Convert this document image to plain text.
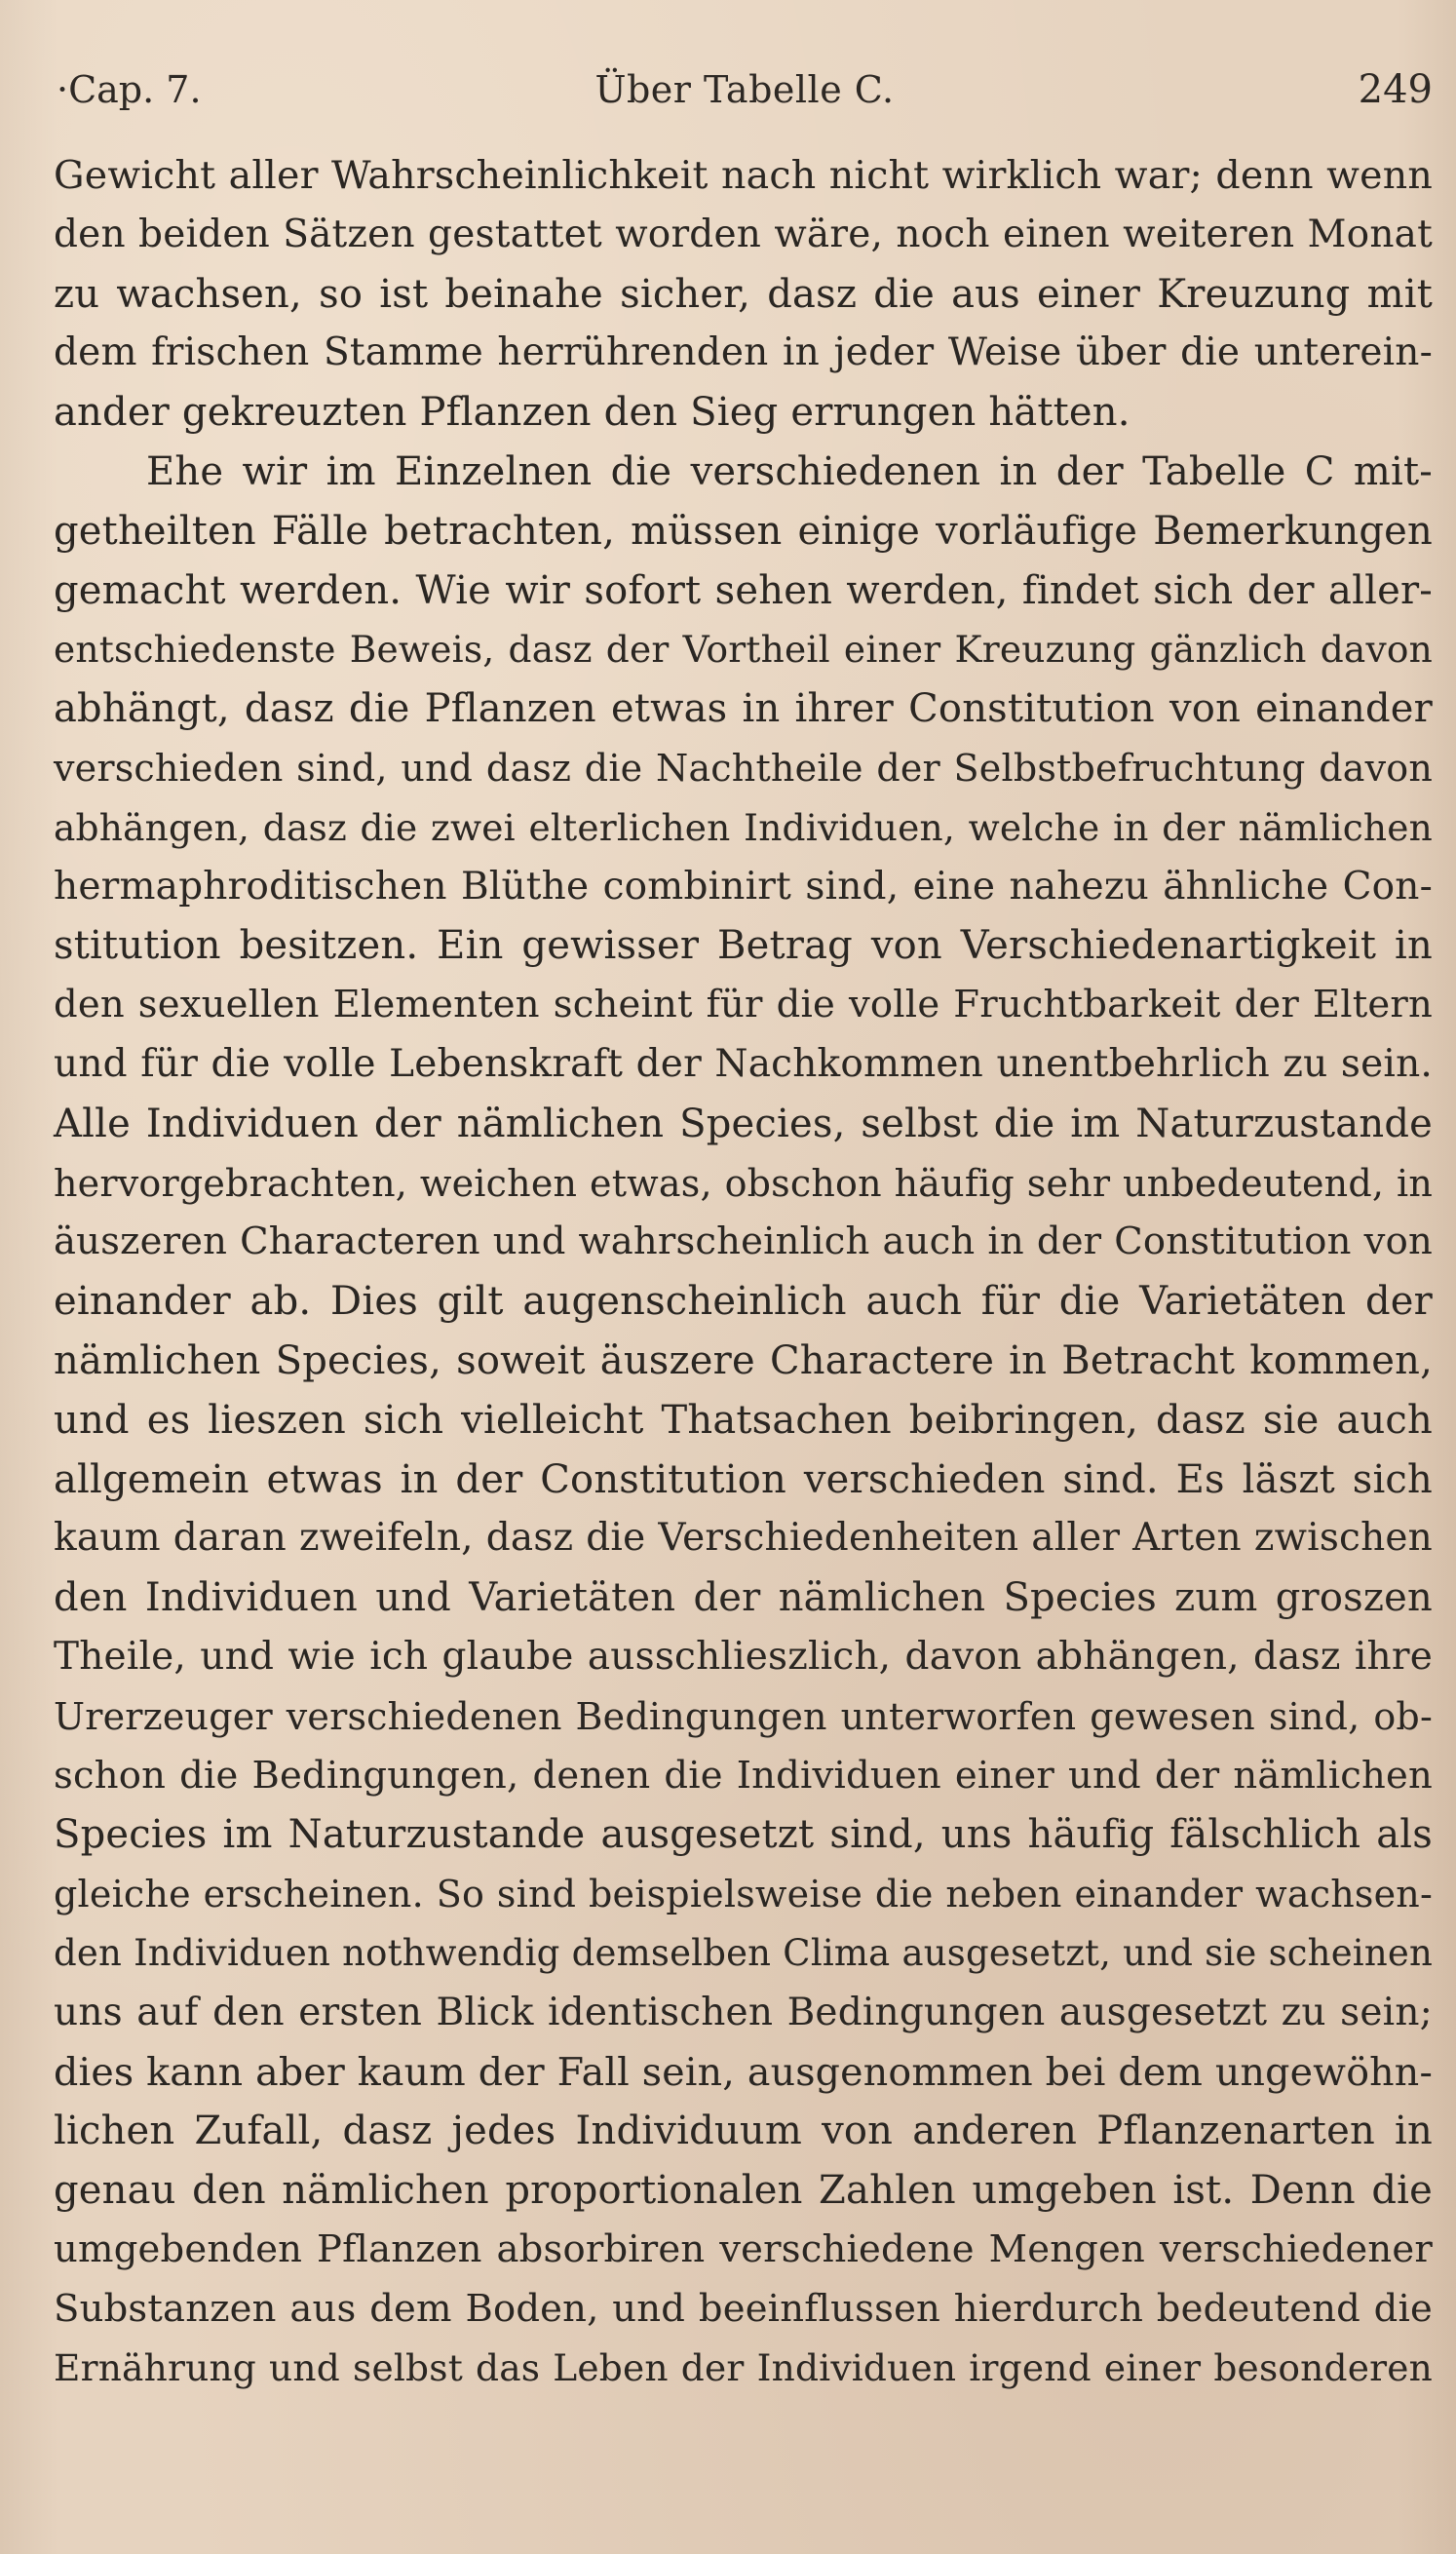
·Cap. 7.	Über Tabelle C.	249
Gewicht aller Wahrscheinlichkeit nach nicht wirklich war; denn wenn
den beiden Sätzen gestattet worden wäre, noch einen weiteren Monat
zu wachsen, so ist beinahe sicher, dasz die aus einer Kreuzung mit
dem frischen Stamme herrührenden in jeder Weise über die unterein-
ander gekreuzten Pflanzen den Sieg errungen hätten.
Ehe wir im Einzelnen die verschiedenen in der Tabelle C mit-
getheilten Fälle betrachten, müssen einige vorläufige Bemerkungen
gemacht werden. Wie wir sofort sehen werden, findet sich der aller-
entschiedenste Beweis, dasz der Vortheil einer Kreuzung gänzlich davon
abhängt, dasz die Pflanzen etwas in ihrer Constitution von einander
verschieden sind, und dasz die Nachtheile der Selbstbefruchtung davon
abhängen, dasz die zwei elterlichen Individuen, welche in der nämlichen
hermaphroditischen Blüthe combinirt sind, eine nahezu ähnliche Con-
stitution besitzen. Ein gewisser Betrag von Verschiedenartigkeit in
den sexuellen Elementen scheint für die volle Fruchtbarkeit der Eltern
und für die volle Lebenskraft der Nachkommen unentbehrlich zu sein.
Alle Individuen der nämlichen Species, selbst die im Naturzustande
hervorgebrachten, weichen etwas, obschon häufig sehr unbedeutend, in
äuszeren Characteren und wahrscheinlich auch in der Constitution von
einander ab. Dies gilt augenscheinlich auch für die Varietäten der
nämlichen Species, soweit äuszere Charactere in Betracht kommen,
und es lieszen sich vielleicht Thatsachen beibringen, dasz sie auch
allgemein etwas in der Constitution verschieden sind. Es läszt sich
kaum daran zweifeln, dasz die Verschiedenheiten aller Arten zwischen
den Individuen und Varietäten der nämlichen Species zum groszen
Theile, und wie ich glaube ausschlieszlich, davon abhängen, dasz ihre
Urerzeuger verschiedenen Bedingungen unterworfen gewesen sind, ob-
schon die Bedingungen, denen die Individuen einer und der nämlichen
Species im Naturzustande ausgesetzt sind, uns häufig fälschlich als
gleiche erscheinen. So sind beispielsweise die neben einander wachsen-
den Individuen nothwendig demselben Clima ausgesetzt, und sie scheinen
uns auf den ersten Blick identischen Bedingungen ausgesetzt zu sein;
dies kann aber kaum der Fall sein, ausgenommen bei dem ungewöhn-
lichen Zufall, dasz jedes Individuum von anderen Pflanzenarten in
genau den nämlichen proportionalen Zahlen umgeben ist. Denn die
umgebenden Pflanzen absorbiren verschiedene Mengen verschiedener
Substanzen aus dem Boden, und beeinflussen hierdurch bedeutend die
Ernährung und selbst das Leben der Individuen irgend einer besonderen
